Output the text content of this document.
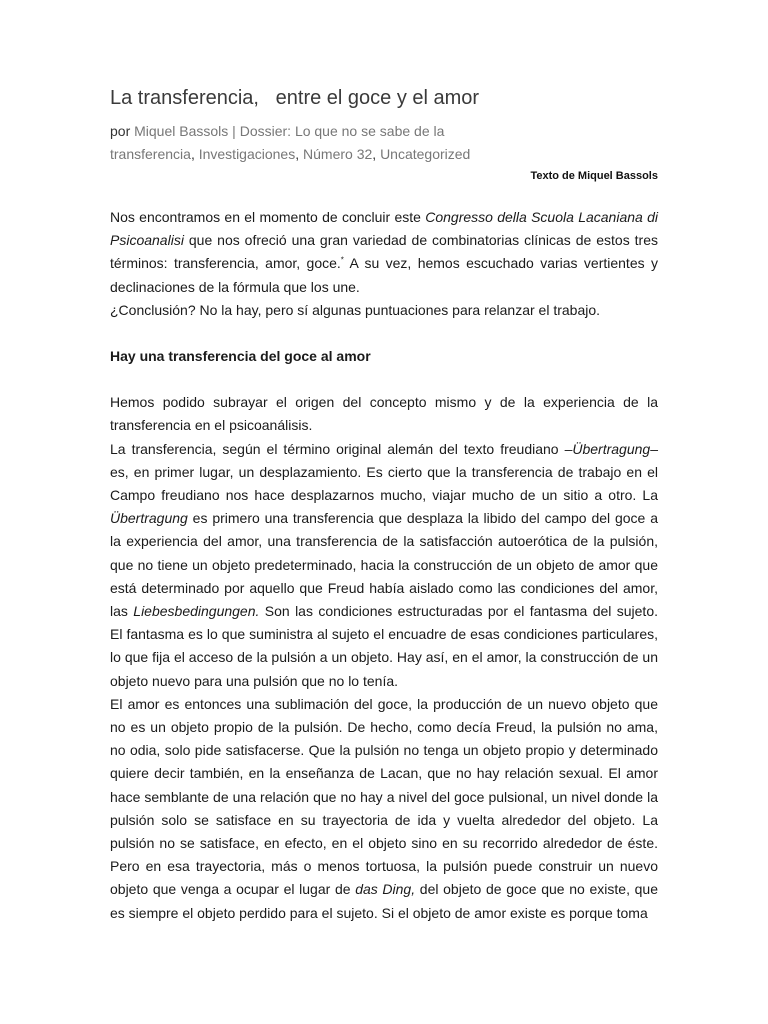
La transferencia,   entre el goce y el amor
por Miquel Bassols | Dossier: Lo que no se sabe de la transferencia, Investigaciones, Número 32, Uncategorized
Texto de Miquel Bassols

Nos encontramos en el momento de concluir este Congresso della Scuola Lacaniana di Psicoanalisi que nos ofreció una gran variedad de combinatorias clínicas de estos tres términos: transferencia, amor, goce.* A su vez, hemos escuchado varias vertientes y declinaciones de la fórmula que los une.

¿Conclusión? No la hay, pero sí algunas puntuaciones para relanzar el trabajo.

Hay una transferencia del goce al amor

Hemos podido subrayar el origen del concepto mismo y de la experiencia de la transferencia en el psicoanálisis.

La transferencia, según el término original alemán del texto freudiano –Übertragung– es, en primer lugar, un desplazamiento. Es cierto que la transferencia de trabajo en el Campo freudiano nos hace desplazarnos mucho, viajar mucho de un sitio a otro. La Übertragung es primero una transferencia que desplaza la libido del campo del goce a la experiencia del amor, una transferencia de la satisfacción autoerótica de la pulsión, que no tiene un objeto predeterminado, hacia la construcción de un objeto de amor que está determinado por aquello que Freud había aislado como las condiciones del amor, las Liebesbedingungen. Son las condiciones estructuradas por el fantasma del sujeto. El fantasma es lo que suministra al sujeto el encuadre de esas condiciones particulares, lo que fija el acceso de la pulsión a un objeto. Hay así, en el amor, la construcción de un objeto nuevo para una pulsión que no lo tenía.

El amor es entonces una sublimación del goce, la producción de un nuevo objeto que no es un objeto propio de la pulsión. De hecho, como decía Freud, la pulsión no ama, no odia, solo pide satisfacerse. Que la pulsión no tenga un objeto propio y determinado quiere decir también, en la enseñanza de Lacan, que no hay relación sexual. El amor hace semblante de una relación que no hay a nivel del goce pulsional, un nivel donde la pulsión solo se satisface en su trayectoria de ida y vuelta alrededor del objeto. La pulsión no se satisface, en efecto, en el objeto sino en su recorrido alrededor de éste. Pero en esa trayectoria, más o menos tortuosa, la pulsión puede construir un nuevo objeto que venga a ocupar el lugar de das Ding, del objeto de goce que no existe, que es siempre el objeto perdido para el sujeto. Si el objeto de amor existe es porque toma
